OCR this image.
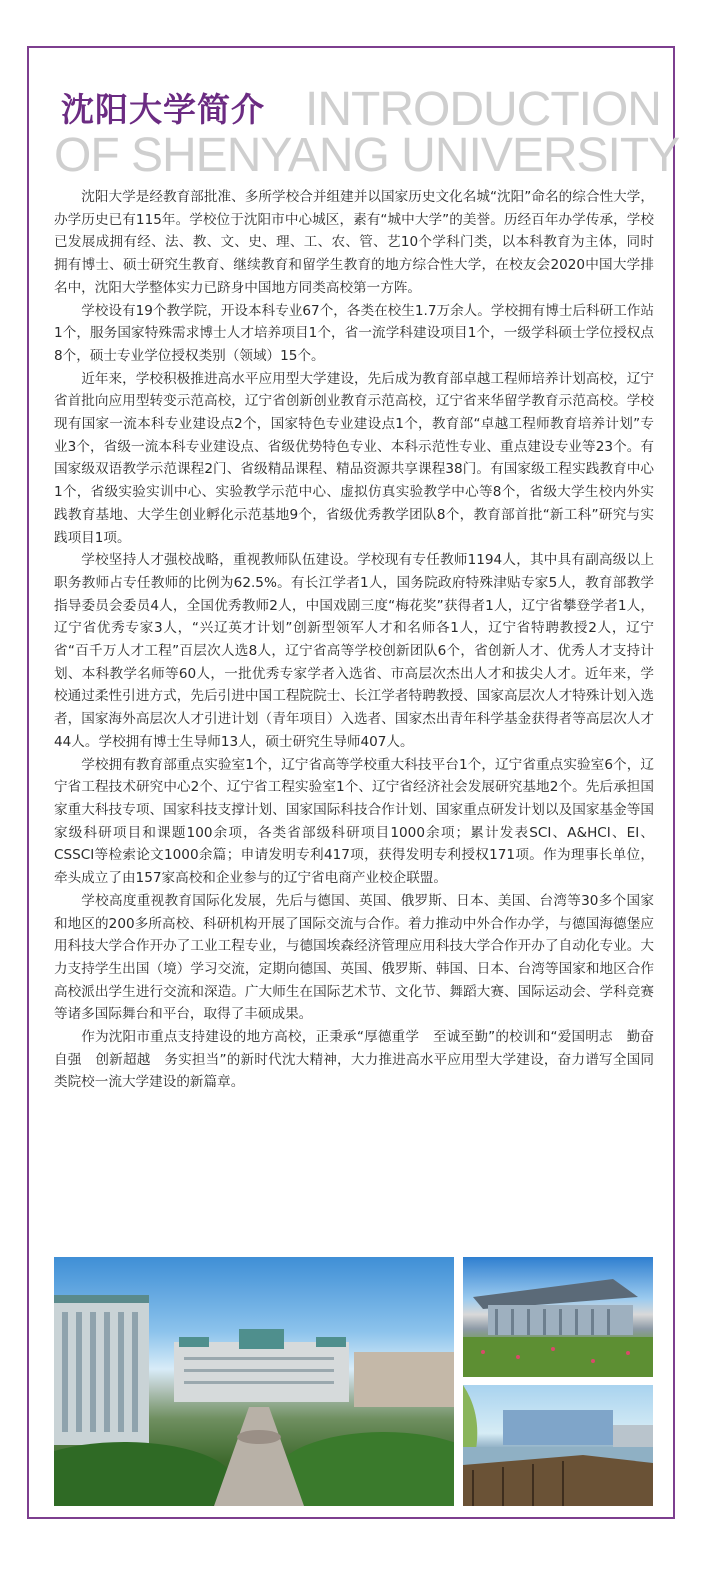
沈阳大学简介 INTRODUCTION
OF SHENYANG UNIVERSITY

沈阳大学是经教育部批准、多所学校合并组建并以国家历史文化名城“沈阳”命名的综合性大学，办学历史已有115年。学校位于沈阳市中心城区，素有“城中大学”的美誉。历经百年办学传承，学校已发展成拥有经、法、教、文、史、理、工、农、管、艺10个学科门类，以本科教育为主体，同时拥有博士、硕士研究生教育、继续教育和留学生教育的地方综合性大学，在校友会2020中国大学排名中，沈阳大学整体实力已跻身中国地方同类高校第一方阵。

学校设有19个教学院，开设本科专业67个，各类在校生1.7万余人。学校拥有博士后科研工作站1个，服务国家特殊需求博士人才培养项目1个，省一流学科建设项目1个，一级学科硕士学位授权点8个，硕士专业学位授权类别（领域）15个。

近年来，学校积极推进高水平应用型大学建设，先后成为教育部卓越工程师培养计划高校，辽宁省首批向应用型转变示范高校，辽宁省创新创业教育示范高校，辽宁省来华留学教育示范高校。学校现有国家一流本科专业建设点2个，国家特色专业建设点1个，教育部“卓越工程师教育培养计划”专业3个，省级一流本科专业建设点、省级优势特色专业、本科示范性专业、重点建设专业等23个。有国家级双语教学示范课程2门、省级精品课程、精品资源共享课程38门。有国家级工程实践教育中心1个，省级实验实训中心、实验教学示范中心、虚拟仿真实验教学中心等8个，省级大学生校内外实践教育基地、大学生创业孵化示范基地9个，省级优秀教学团队8个，教育部首批“新工科”研究与实践项目1项。

学校坚持人才强校战略，重视教师队伍建设。学校现有专任教师1194人，其中具有副高级以上职务教师占专任教师的比例为62.5%。有长江学者1人，国务院政府特殊津贴专家5人，教育部教学指导委员会委员4人，全国优秀教师2人，中国戏剧三度“梅花奖”获得者1人，辽宁省攀登学者1人，辽宁省优秀专家3人，“兴辽英才计划”创新型领军人才和名师各1人，辽宁省特聘教授2人，辽宁省“百千万人才工程”百层次人选8人，辽宁省高等学校创新团队6个，省创新人才、优秀人才支持计划、本科教学名师等60人，一批优秀专家学者入选省、市高层次杰出人才和拔尖人才。近年来，学校通过柔性引进方式，先后引进中国工程院院士、长江学者特聘教授、国家高层次人才特殊计划入选者，国家海外高层次人才引进计划（青年项目）入选者、国家杰出青年科学基金获得者等高层次人才44人。学校拥有博士生导师13人，硕士研究生导师407人。

学校拥有教育部重点实验室1个，辽宁省高等学校重大科技平台1个，辽宁省重点实验室6个，辽宁省工程技术研究中心2个、辽宁省工程实验室1个、辽宁省经济社会发展研究基地2个。先后承担国家重大科技专项、国家科技支撑计划、国家国际科技合作计划、国家重点研发计划以及国家基金等国家级科研项目和课题100余项，各类省部级科研项目1000余项；累计发表SCI、A&HCI、EI、CSSCI等检索论文1000余篇；申请发明专利417项，获得发明专利授权171项。作为理事长单位，牵头成立了由157家高校和企业参与的辽宁省电商产业校企联盟。

学校高度重视教育国际化发展，先后与德国、英国、俄罗斯、日本、美国、台湾等30多个国家和地区的200多所高校、科研机构开展了国际交流与合作。着力推动中外合作办学，与德国海德堡应用科技大学合作开办了工业工程专业，与德国埃森经济管理应用科技大学合作开办了自动化专业。大力支持学生出国（境）学习交流，定期向德国、英国、俄罗斯、韩国、日本、台湾等国家和地区合作高校派出学生进行交流和深造。广大师生在国际艺术节、文化节、舞蹈大赛、国际运动会、学科竞赛等诸多国际舞台和平台，取得了丰硕成果。

作为沈阳市重点支持建设的地方高校，正秉承“厚德重学　至诚至勤”的校训和“爱国明志　勤奋自强　创新超越　务实担当”的新时代沈大精神，大力推进高水平应用型大学建设，奋力谱写全国同类院校一流大学建设的新篇章。
